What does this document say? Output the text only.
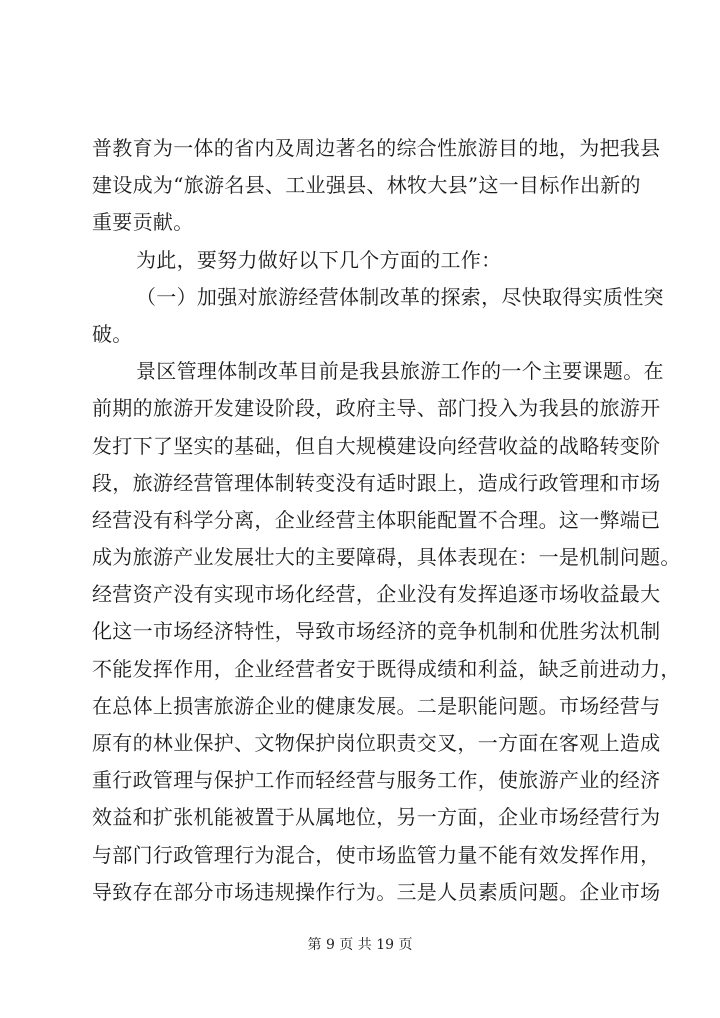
普教育为一体的省内及周边著名的综合性旅游目的地，为把我县
建设成为“旅游名县、工业强县、林牧大县”这一目标作出新的
重要贡献。
为此，要努力做好以下几个方面的工作：
（一）加强对旅游经营体制改革的探索，尽快取得实质性突
破。
景区管理体制改革目前是我县旅游工作的一个主要课题。在
前期的旅游开发建设阶段，政府主导、部门投入为我县的旅游开
发打下了坚实的基础，但自大规模建设向经营收益的战略转变阶
段，旅游经营管理体制转变没有适时跟上，造成行政管理和市场
经营没有科学分离，企业经营主体职能配置不合理。这一弊端已
成为旅游产业发展壮大的主要障碍，具体表现在：一是机制问题。
经营资产没有实现市场化经营，企业没有发挥追逐市场收益最大
化这一市场经济特性，导致市场经济的竞争机制和优胜劣汰机制
不能发挥作用，企业经营者安于既得成绩和利益，缺乏前进动力，
在总体上损害旅游企业的健康发展。二是职能问题。市场经营与
原有的林业保护、文物保护岗位职责交叉，一方面在客观上造成
重行政管理与保护工作而轻经营与服务工作，使旅游产业的经济
效益和扩张机能被置于从属地位，另一方面，企业市场经营行为
与部门行政管理行为混合，使市场监管力量不能有效发挥作用，
导致存在部分市场违规操作行为。三是人员素质问题。企业市场
第 9 页 共 19 页
